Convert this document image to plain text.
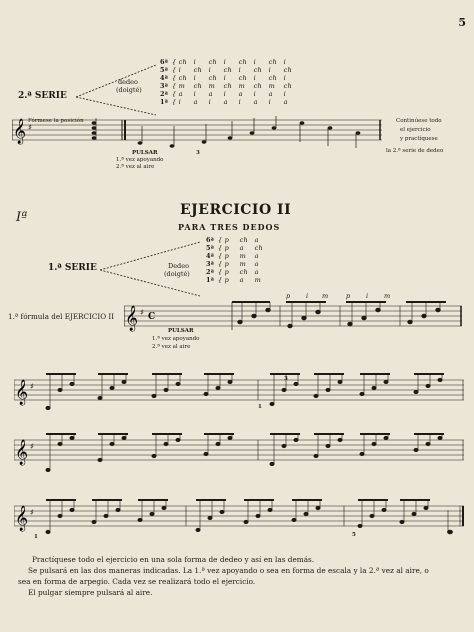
5
2.ª SERIE
dedeo
(doigté)
6ª { ch i ch i ch i ch i
5ª { i ch i ch i ch i ch
4ª { ch i ch i ch i ch i
3ª { m ch m ch m ch m ch
2ª { a i a i a i a i
1ª { i a i a i a i a
Fórmese la posición
𝄞 ♯
PULSAR
1.ª vez apoyando
2.ª vez al aire
3
Continúese todo
el ejercicio
y practíquese
la 2.ª serie de dedeo
Iª	EJERCICIO II
PARA TRES DEDOS
1.ª SERIE	Dedeo
(doigté)
6ª { p ch a
5ª { p a ch
4ª { p m a
3ª { p m a
2ª { p ch a
1ª { p a m
1.ª fórmula del EJERCICIO II
p i m	p i m
𝄞 ♯ C
PULSAR
1.ª vez apoyando
2.ª vez al aire
𝄞 ♯
1
3
𝄞 ♯
𝄞 ♯
1	5
Practíquese todo el ejercicio en una sola forma de dedeo y así en las demás.
Se pulsará en las dos maneras indicadas. La 1.ª vez apoyando o sea en forma de escala y la 2.ª vez al aire, o
sea en forma de arpegio. Cada vez se realizará todo el ejercicio.
El pulgar siempre pulsará al aire.
